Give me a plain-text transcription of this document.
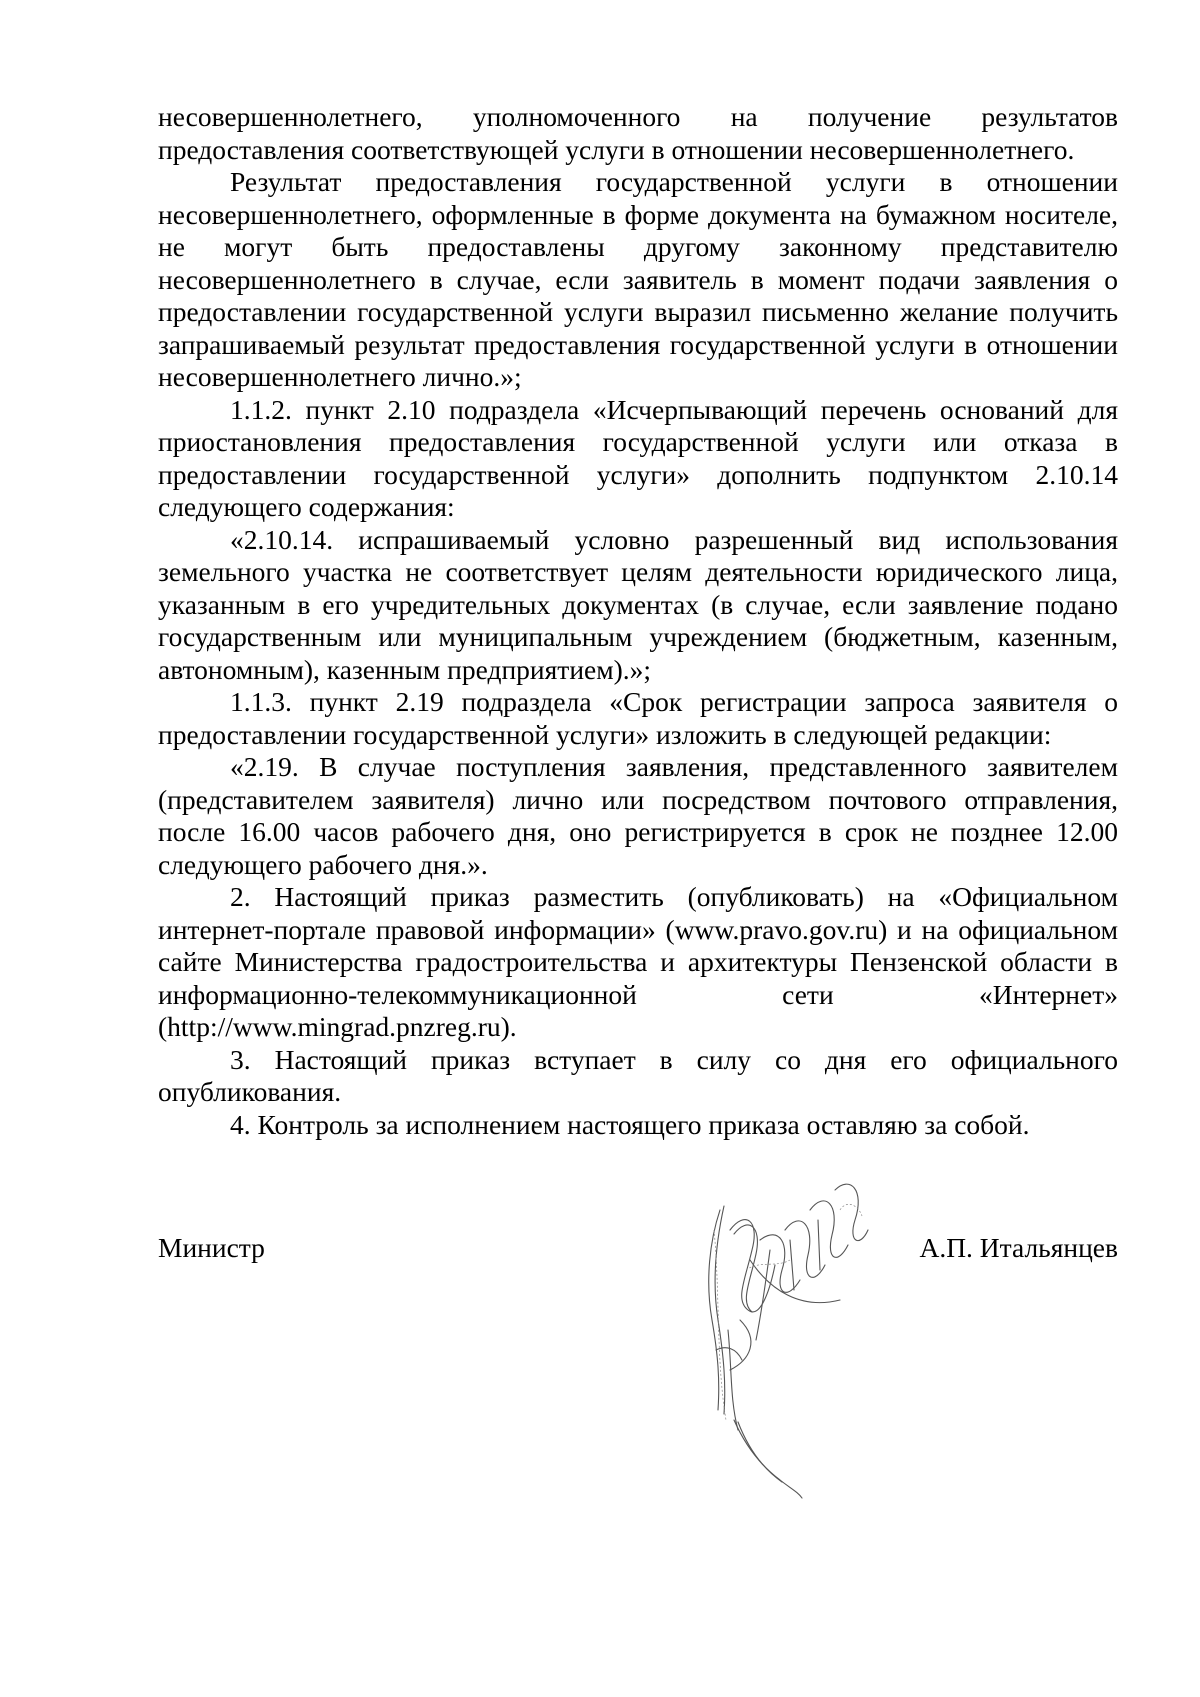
несовершеннолетнего, уполномоченного на получение результатов предоставления соответствующей услуги в отношении несовершеннолетнего.

Результат предоставления государственной услуги в отношении несовершеннолетнего, оформленные в форме документа на бумажном носителе, не могут быть предоставлены другому законному представителю несовершеннолетнего в случае, если заявитель в момент подачи заявления о предоставлении государственной услуги выразил письменно желание получить запрашиваемый результат предоставления государственной услуги в отношении несовершеннолетнего лично.»;

1.1.2. пункт 2.10 подраздела «Исчерпывающий перечень оснований для приостановления предоставления государственной услуги или отказа в предоставлении государственной услуги» дополнить подпунктом 2.10.14 следующего содержания:

«2.10.14. испрашиваемый условно разрешенный вид использования земельного участка не соответствует целям деятельности юридического лица, указанным в его учредительных документах (в случае, если заявление подано государственным или муниципальным учреждением (бюджетным, казенным, автономным), казенным предприятием).»;

1.1.3. пункт 2.19 подраздела «Срок регистрации запроса заявителя о предоставлении государственной услуги» изложить в следующей редакции:

«2.19. В случае поступления заявления, представленного заявителем (представителем заявителя) лично или посредством почтового отправления, после 16.00 часов рабочего дня, оно регистрируется в срок не позднее 12.00 следующего рабочего дня.».

2. Настоящий приказ разместить (опубликовать) на «Официальном интернет-портале правовой информации» (www.pravo.gov.ru) и на официальном сайте Министерства градостроительства и архитектуры Пензенской области в информационно-телекоммуникационной сети «Интернет» (http://www.mingrad.pnzreg.ru).

3. Настоящий приказ вступает в силу со дня его официального опубликования.

4. Контроль за исполнением настоящего приказа оставляю за собой.

Министр	А.П. Итальянцев
